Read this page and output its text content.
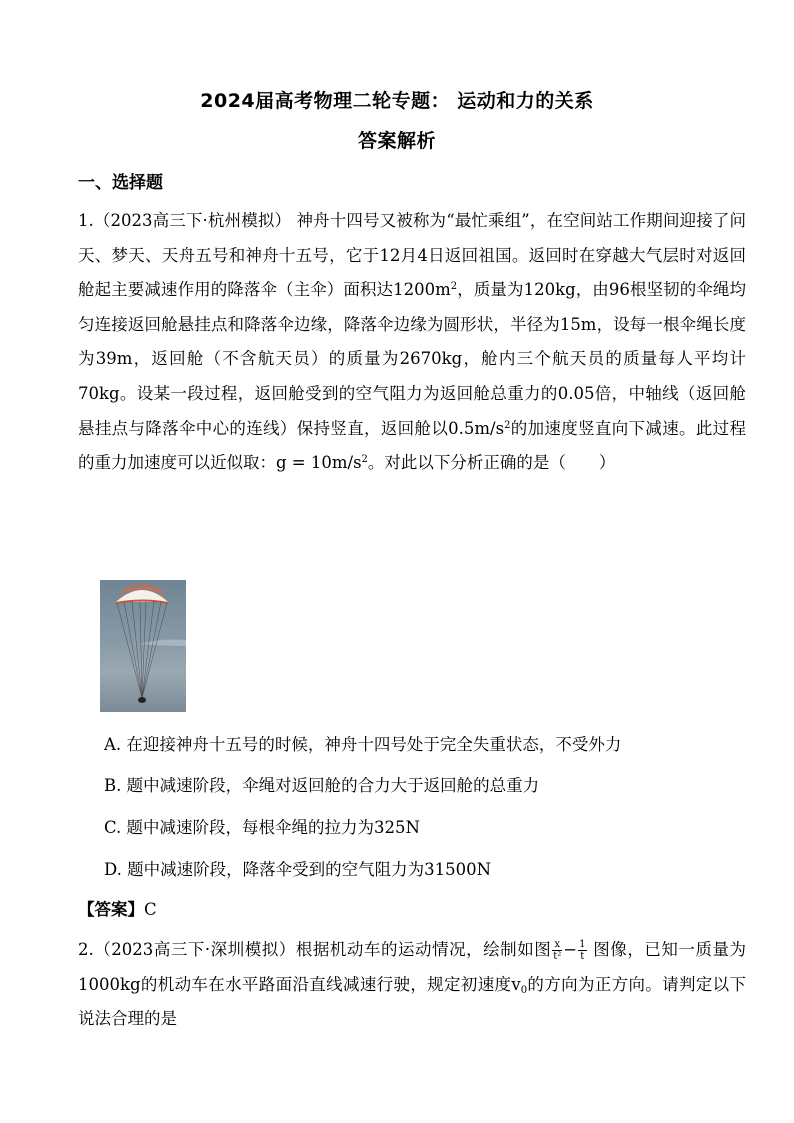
2024届高考物理二轮专题： 运动和力的关系
答案解析
一、选择题
1.（2023高三下·杭州模拟） 神舟十四号又被称为“最忙乘组”，在空间站工作期间迎接了问天、梦天、天舟五号和神舟十五号，它于12月4日返回祖国。返回时在穿越大气层时对返回舱起主要减速作用的降落伞（主伞）面积达$1200m^2$，质量为120kg，由96根坚韧的伞绳均匀连接返回舱悬挂点和降落伞边缘，降落伞边缘为圆形状，半径为15m，设每一根伞绳长度为39m，返回舱（不含航天员）的质量为2670kg，舱内三个航天员的质量每人平均计70kg。设某一段过程，返回舱受到的空气阻力为返回舱总重力的0.05倍，中轴线（返回舱悬挂点与降落伞中心的连线）保持竖直，返回舱以$0.5m/s^2$的加速度竖直向下减速。此过程的重力加速度可以近似取：$g = 10m/s^2$。对此以下分析正确的是（　　）
A. 在迎接神舟十五号的时候，神舟十四号处于完全失重状态，不受外力
B. 题中减速阶段，伞绳对返回舱的合力大于返回舱的总重力
C. 题中减速阶段，每根伞绳的拉力为325N
D. 题中减速阶段，降落伞受到的空气阻力为31500N
【答案】C
2.（2023高三下·深圳模拟）根据机动车的运动情况，绘制如图 $\frac{x}{\text{t²}} - \frac{1}{t}$ 图像，已知一质量为1000kg的机动车在水平路面沿直线减速行驶，规定初速度$v_0$的方向为正方向。请判定以下说法合理的是
